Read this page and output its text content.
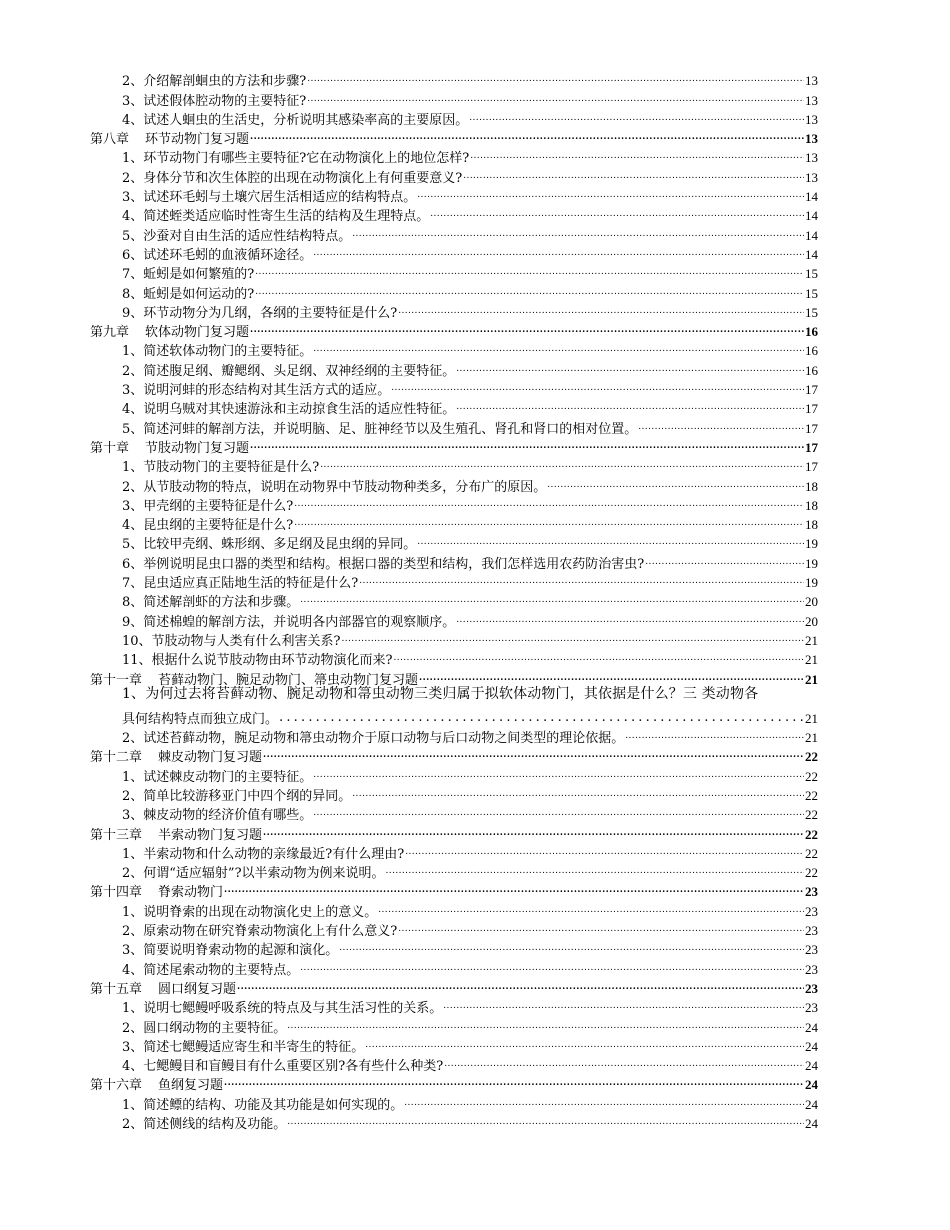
2、介绍解剖蛔虫的方法和步骤? .....	13
3、试述假体腔动物的主要特征? .....	13
4、试述人蛔虫的生活史，分析说明其感染率高的主要原因。 .....	13
第八章 环节动物门复习题 .....	13
1、环节动物门有哪些主要特征?它在动物演化上的地位怎样? .....	13
2、身体分节和次生体腔的出现在动物演化上有何重要意义? .....	13
3、试述环毛蚓与土壤穴居生活相适应的结构特点。 .....	14
4、简述蛭类适应临时性寄生生活的结构及生理特点。 .....	14
5、沙蚕对自由生活的适应性结构特点。 .....	14
6、试述环毛蚓的血液循环途径。 .....	14
7、蚯蚓是如何繁殖的? .....	15
8、蚯蚓是如何运动的? .....	15
9、环节动物分为几纲，各纲的主要特征是什么? .....	15
第九章 软体动物门复习题 .....	16
1、简述软体动物门的主要特征。 .....	16
2、简述腹足纲、瓣鳃纲、头足纲、双神经纲的主要特征。 .....	16
3、说明河蚌的形态结构对其生活方式的适应。 .....	17
4、说明乌贼对其快速游泳和主动掠食生活的适应性特征。 .....	17
5、简述河蚌的解剖方法，并说明脑、足、脏神经节以及生殖孔、肾孔和肾口的相对位置。 .....	17
第十章 节肢动物门复习题 .....	17
1、节肢动物门的主要特征是什么? .....	17
2、从节肢动物的特点，说明在动物界中节肢动物种类多，分布广的原因。 .....	18
3、甲壳纲的主要特征是什么? .....	18
4、昆虫纲的主要特征是什么? .....	18
5、比较甲壳纲、蛛形纲、多足纲及昆虫纲的异同。 .....	19
6、举例说明昆虫口器的类型和结构。根据口器的类型和结构，我们怎样选用农药防治害虫? .....	19
7、昆虫适应真正陆地生活的特征是什么? .....	19
8、简述解剖虾的方法和步骤。 .....	20
9、简述棉蝗的解剖方法，并说明各内部器官的观察顺序。 .....	20
10、节肢动物与人类有什么利害关系? .....	21
11、根据什么说节肢动物由环节动物演化而来? .....	21
第十一章 苔藓动物门、腕足动物门、箒虫动物门复习题 .....	21
1、为何过去将苔藓动物、腕足动物和箒虫动物三类归属于拟软体动物门，其依据是什么？三 类动物各
具何结构特点而独立成门。 .....	21
2、试述苔藓动物，腕足动物和箒虫动物介于原口动物与后口动物之间类型的理论依据。 .....	21
第十二章 棘皮动物门复习题 .....	22
1、试述棘皮动物门的主要特征。 .....	22
2、简单比较游移亚门中四个纲的异同。 .....	22
3、棘皮动物的经济价值有哪些。 .....	22
第十三章 半索动物门复习题 .....	22
1、半索动物和什么动物的亲缘最近?有什么理由? .....	22
2、何谓“适应辐射”?以半索动物为例来说明。 .....	22
第十四章 脊索动物门 .....	23
1、说明脊索的出现在动物演化史上的意义。 .....	23
2、原索动物在研究脊索动物演化上有什么意义? .....	23
3、简要说明脊索动物的起源和演化。 .....	23
4、简述尾索动物的主要特点。 .....	23
第十五章 圆口纲复习题 .....	23
1、说明七鳃鳗呼吸系统的特点及与其生活习性的关系。 .....	23
2、圆口纲动物的主要特征。 .....	24
3、简述七鳃鳗适应寄生和半寄生的特征。 .....	24
4、七鳃鳗目和盲鳗目有什么重要区别?各有些什么种类? .....	24
第十六章 鱼纲复习题 .....	24
1、简述鳔的结构、功能及其功能是如何实现的。 .....	24
2、简述侧线的结构及功能。 .....	24
